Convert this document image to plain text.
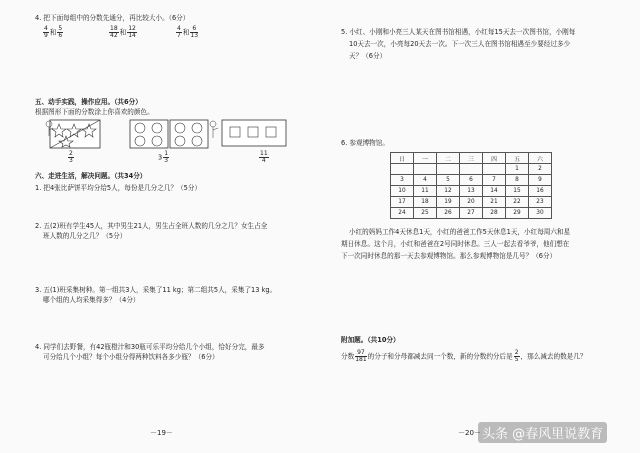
4. 把下面每组中的分数先通分，再比较大小。（6分）
$\frac{4}{9}$ 和 $\frac{5}{6}$	$\frac{18}{42}$ 和 $\frac{12}{14}$	$\frac{4}{7}$ 和 $\frac{6}{13}$
五、动手实践，操作应用。（共6分）
根据图形下面的分数涂上你喜欢的颜色。
$\frac{2}{3}$	$3 \frac{1}{3}$	$\frac{11}{4}$
六、走进生活，解决问题。（共34分）
1. 把4张比萨饼平均分给5人，每份是几分之几？（5分）
2. 五(2)班有学生45人，其中男生21人，男生占全班人数的几分之几？女生占全
班人数的几分之几？（5分）
3. 五(1)班采集树种。第一组共3人，采集了11 kg；第二组共5人，采集了13 kg。
哪个组的人均采集得多？（4分）
4. 同学们去野餐，有42瓶橙汁和30瓶可乐平均分给几个小组，恰好分完，最多
可分给几个小组？每个小组分得两种饮料各多少瓶？（6分）
－19－
5. 小红、小刚和小亮三人某天在图书馆相遇，小红每15天去一次图书馆，小刚每
10天去一次，小亮每20天去一次。下一次三人在图书馆相遇至少要经过多少
天？（6分）
6. 参观博物馆。
日	一	二	三	四	五	六
					1	2
3	4	5	6	7	8	9
10	11	12	13	14	15	16
17	18	19	20	21	22	23
24	25	26	27	28	29	30
小红的妈妈工作4天休息1天，小红的爸爸工作5天休息1天，小红每周六和星
期日休息。这个月，小红和爸爸在2号同时休息。三人一起去看爷爷，他们想在
下一次同时休息的那一天去参观博物馆。那么参观博物馆是几号？（6分）
附加题。（共10分）
分数 $\frac{97}{181}$ 的分子和分母都减去同一个数，新的分数约分后是 $\frac{2}{5}$ ，那么减去的数是几？
－20－ 头条 @春风里说教育
